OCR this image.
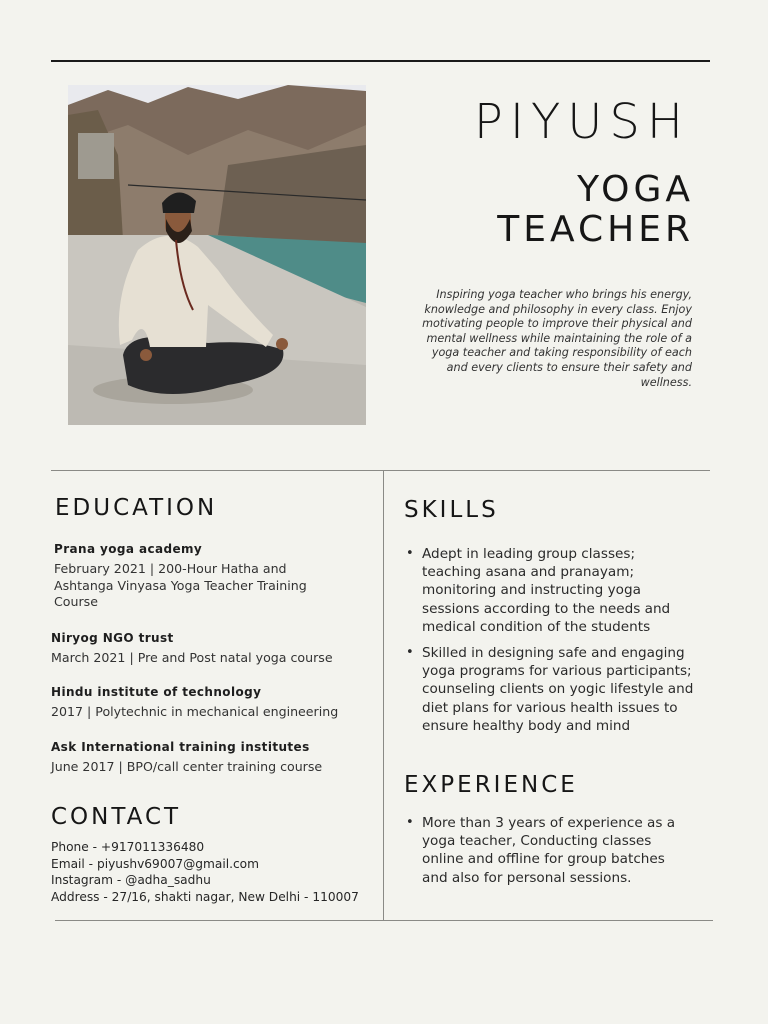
PIYUSH
YOGA
TEACHER
Inspiring yoga teacher who brings his energy, knowledge and philosophy in every class. Enjoy motivating people to improve their physical and mental wellness while maintaining the role of a yoga teacher and taking responsibility of each and every clients to ensure their safety and wellness.
EDUCATION
Prana yoga academy
February 2021 | 200-Hour Hatha and Ashtanga Vinyasa Yoga Teacher Training Course
Niryog NGO trust
March 2021 | Pre and Post natal yoga course
Hindu institute of technology
2017 | Polytechnic in mechanical engineering
Ask International training institutes
June 2017 | BPO/call center training course
CONTACT
Phone - +917011336480
Email - piyushv69007@gmail.com
Instagram - @adha_sadhu
Address - 27/16, shakti nagar, New Delhi - 110007
SKILLS
• Adept in leading group classes; teaching asana and pranayam; monitoring and instructing yoga sessions according to the needs and medical condition of the students
• Skilled in designing safe and engaging yoga programs for various participants; counseling clients on yogic lifestyle and diet plans for various health issues to ensure healthy body and mind
EXPERIENCE
• More than 3 years of experience as a yoga teacher, Conducting classes online and offline for group batches and also for personal sessions.
